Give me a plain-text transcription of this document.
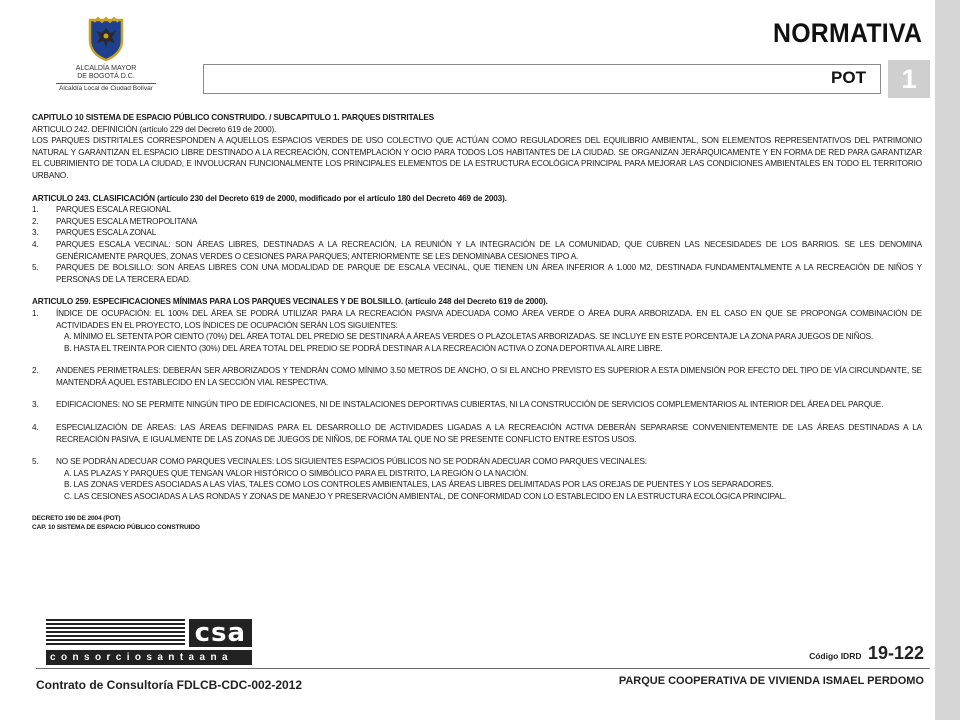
ALCALDÍA MAYOR
DE BOGOTÁ D.C.
Alcaldía Local de Ciudad Bolívar
NORMATIVA
POT	1

CAPITULO 10 SISTEMA DE ESPACIO PÚBLICO CONSTRUIDO. / SUBCAPITULO 1. PARQUES DISTRITALES

ARTICULO 242. DEFINICIÓN (artículo 229 del Decreto 619 de 2000).

LOS PARQUES DISTRITALES CORRESPONDEN A AQUELLOS ESPACIOS VERDES DE USO COLECTIVO QUE ACTÚAN COMO REGULADORES DEL EQUILIBRIO AMBIENTAL, SON ELEMENTOS REPRESENTATIVOS DEL PATRIMONIO NATURAL Y GARANTIZAN EL ESPACIO LIBRE DESTINADO A LA RECREACIÓN, CONTEMPLACIÓN Y OCIO PARA TODOS LOS HABITANTES DE LA CIUDAD. SE ORGANIZAN JERÁRQUICAMENTE Y EN FORMA DE RED PARA GARANTIZAR EL CUBRIMIENTO DE TODA LA CIUDAD, E INVOLUCRAN FUNCIONALMENTE LOS PRINCIPALES ELEMENTOS DE LA ESTRUCTURA ECOLÓGICA PRINCIPAL PARA MEJORAR LAS CONDICIONES AMBIENTALES EN TODO EL TERRITORIO URBANO.

ARTICULO 243. CLASIFICACIÓN (artículo 230 del Decreto 619 de 2000, modificado por el artículo 180 del Decreto 469 de 2003).

1.	PARQUES ESCALA REGIONAL
2.	PARQUES ESCALA METROPOLITANA
3.	PARQUES ESCALA ZONAL
4.	PARQUES ESCALA VECINAL: SON ÁREAS LIBRES, DESTINADAS A LA RECREACIÓN, LA REUNIÓN Y LA INTEGRACIÓN DE LA COMUNIDAD, QUE CUBREN LAS NECESIDADES DE LOS BARRIOS. SE LES DENOMINA GENÉRICAMENTE PARQUES, ZONAS VERDES O CESIONES PARA PARQUES; ANTERIORMENTE SE LES DENOMINABA CESIONES TIPO A.
5.	PARQUES DE BOLSILLO: SON ÁREAS LIBRES CON UNA MODALIDAD DE PARQUE DE ESCALA VECINAL, QUE TIENEN UN ÁREA INFERIOR A 1.000 M2, DESTINADA FUNDAMENTALMENTE A LA RECREACIÓN DE NIÑOS Y PERSONAS DE LA TERCERA EDAD.

ARTICULO 259. ESPECIFICACIONES MÍNIMAS PARA LOS PARQUES VECINALES Y DE BOLSILLO. (artículo 248 del Decreto 619 de 2000).

1.	ÍNDICE DE OCUPACIÓN: EL 100% DEL ÁREA SE PODRÁ UTILIZAR PARA LA RECREACIÓN PASIVA ADECUADA COMO ÁREA VERDE O ÁREA DURA ARBORIZADA. EN EL CASO EN QUE SE PROPONGA COMBINACIÓN DE ACTIVIDADES EN EL PROYECTO, LOS ÍNDICES DE OCUPACIÓN SERÁN LOS SIGUIENTES:

A. MÍNIMO EL SETENTA POR CIENTO (70%) DEL ÁREA TOTAL DEL PREDIO SE DESTINARÁ A ÁREAS VERDES O PLAZOLETAS ARBORIZADAS. SE INCLUYE EN ESTE PORCENTAJE LA ZONA PARA JUEGOS DE NIÑOS.

B. HASTA EL TREINTA POR CIENTO (30%) DEL ÁREA TOTAL DEL PREDIO SE PODRÁ DESTINAR A LA RECREACIÓN ACTIVA O ZONA DEPORTIVA AL AIRE LIBRE.

2.	ANDENES PERIMETRALES: DEBERÁN SER ARBORIZADOS Y TENDRÁN COMO MÍNIMO 3.50 METROS DE ANCHO, O SI EL ANCHO PREVISTO ES SUPERIOR A ESTA DIMENSIÓN POR EFECTO DEL TIPO DE VÍA CIRCUNDANTE, SE MANTENDRÁ AQUEL ESTABLECIDO EN LA SECCIÓN VIAL RESPECTIVA.
3.	EDIFICACIONES: NO SE PERMITE NINGÚN TIPO DE EDIFICACIONES, NI DE INSTALACIONES DEPORTIVAS CUBIERTAS, NI LA CONSTRUCCIÓN DE SERVICIOS COMPLEMENTARIOS AL INTERIOR DEL ÁREA DEL PARQUE.
4.	ESPECIALIZACIÓN DE ÁREAS: LAS ÁREAS DEFINIDAS PARA EL DESARROLLO DE ACTIVIDADES LIGADAS A LA RECREACIÓN ACTIVA DEBERÁN SEPARARSE CONVENIENTEMENTE DE LAS ÁREAS DESTINADAS A LA RECREACIÓN PASIVA, E IGUALMENTE DE LAS ZONAS DE JUEGOS DE NIÑOS, DE FORMA TAL QUE NO SE PRESENTE CONFLICTO ENTRE ESTOS USOS.
5.	NO SE PODRÁN ADECUAR COMO PARQUES VECINALES: LOS SIGUIENTES ESPACIOS PÚBLICOS NO SE PODRÁN ADECUAR COMO PARQUES VECINALES:

A. LAS PLAZAS Y PARQUES QUE TENGAN VALOR HISTÓRICO O SIMBÓLICO PARA EL DISTRITO, LA REGIÓN O LA NACIÓN.

B. LAS ZONAS VERDES ASOCIADAS A LAS VÍAS, TALES COMO LOS CONTROLES AMBIENTALES, LAS ÁREAS LIBRES DELIMITADAS POR LAS OREJAS DE PUENTES Y LOS SEPARADORES.

C. LAS CESIONES ASOCIADAS A LAS RONDAS Y ZONAS DE MANEJO Y PRESERVACIÓN AMBIENTAL, DE CONFORMIDAD CON LO ESTABLECIDO EN LA ESTRUCTURA ECOLÓGICA PRINCIPAL.

DECRETO 190 DE 2004 (POT)

CAP. 10 SISTEMA DE ESPACIO PÚBLICO CONSTRUIDO

csa
consorciosantaana	Código IDRD 19-122
Contrato de Consultoría FDLCB-CDC-002-2012	PARQUE COOPERATIVA DE VIVIENDA ISMAEL PERDOMO
